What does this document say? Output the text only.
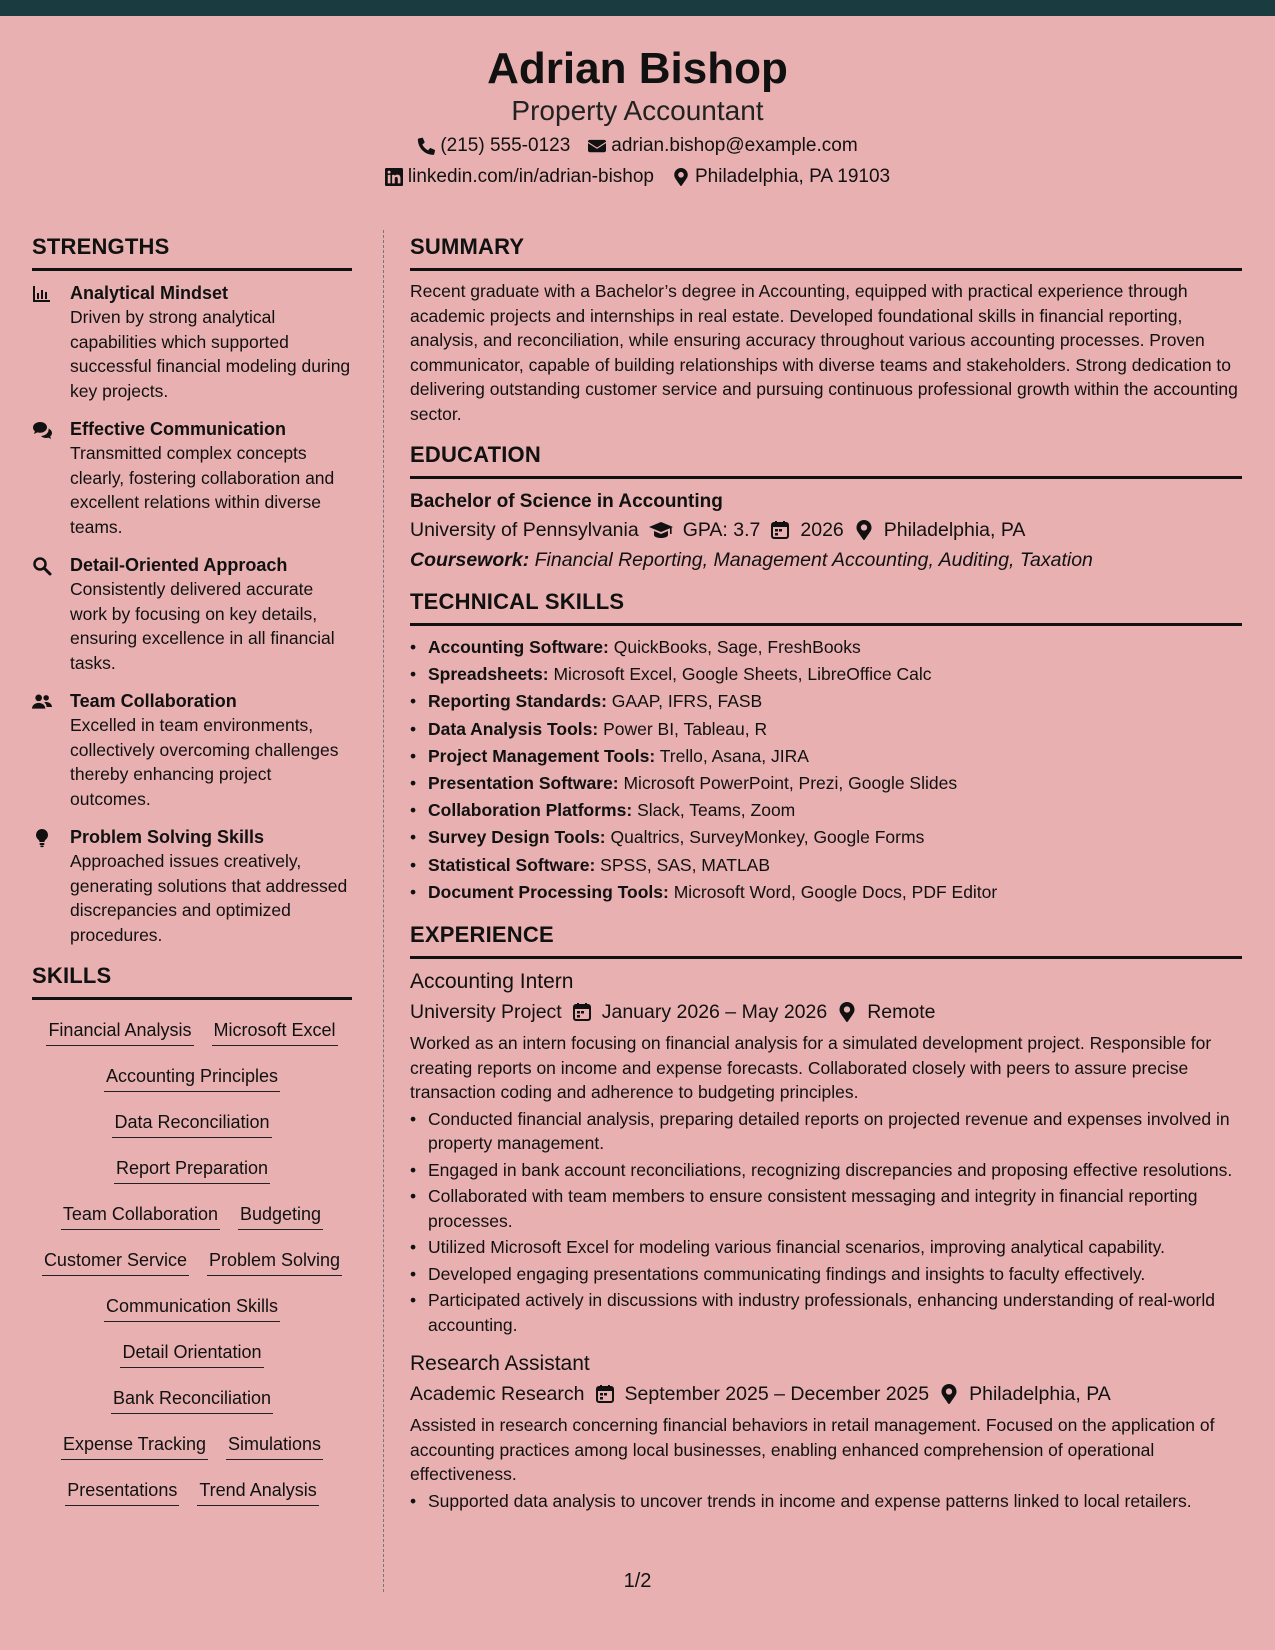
Adrian Bishop
Property Accountant
(215) 555-0123 adrian.bishop@example.com
linkedin.com/in/adrian-bishop Philadelphia, PA 19103
STRENGTHS
Analytical Mindset
Driven by strong analytical capabilities which supported successful financial modeling during key projects.
Effective Communication
Transmitted complex concepts clearly, fostering collaboration and excellent relations within diverse teams.
Detail-Oriented Approach
Consistently delivered accurate work by focusing on key details, ensuring excellence in all financial tasks.
Team Collaboration
Excelled in team environments, collectively overcoming challenges thereby enhancing project outcomes.
Problem Solving Skills
Approached issues creatively, generating solutions that addressed discrepancies and optimized procedures.
SKILLS
Financial Analysis Microsoft Excel
Accounting Principles
Data Reconciliation
Report Preparation
Team Collaboration Budgeting
Customer Service Problem Solving
Communication Skills
Detail Orientation
Bank Reconciliation
Expense Tracking Simulations
Presentations Trend Analysis
SUMMARY
Recent graduate with a Bachelor’s degree in Accounting, equipped with practical experience through academic projects and internships in real estate. Developed foundational skills in financial reporting, analysis, and reconciliation, while ensuring accuracy throughout various accounting processes. Proven communicator, capable of building relationships with diverse teams and stakeholders. Strong dedication to delivering outstanding customer service and pursuing continuous professional growth within the accounting sector.
EDUCATION
Bachelor of Science in Accounting
University of Pennsylvania GPA: 3.7 2026 Philadelphia, PA
Coursework: Financial Reporting, Management Accounting, Auditing, Taxation
TECHNICAL SKILLS
• Accounting Software: QuickBooks, Sage, FreshBooks
• Spreadsheets: Microsoft Excel, Google Sheets, LibreOffice Calc
• Reporting Standards: GAAP, IFRS, FASB
• Data Analysis Tools: Power BI, Tableau, R
• Project Management Tools: Trello, Asana, JIRA
• Presentation Software: Microsoft PowerPoint, Prezi, Google Slides
• Collaboration Platforms: Slack, Teams, Zoom
• Survey Design Tools: Qualtrics, SurveyMonkey, Google Forms
• Statistical Software: SPSS, SAS, MATLAB
• Document Processing Tools: Microsoft Word, Google Docs, PDF Editor
EXPERIENCE
Accounting Intern
University Project January 2026 – May 2026 Remote
Worked as an intern focusing on financial analysis for a simulated development project. Responsible for creating reports on income and expense forecasts. Collaborated closely with peers to assure precise transaction coding and adherence to budgeting principles.
• Conducted financial analysis, preparing detailed reports on projected revenue and expenses involved in property management.
• Engaged in bank account reconciliations, recognizing discrepancies and proposing effective resolutions.
• Collaborated with team members to ensure consistent messaging and integrity in financial reporting processes.
• Utilized Microsoft Excel for modeling various financial scenarios, improving analytical capability.
• Developed engaging presentations communicating findings and insights to faculty effectively.
• Participated actively in discussions with industry professionals, enhancing understanding of real-world accounting.
Research Assistant
Academic Research September 2025 – December 2025 Philadelphia, PA
Assisted in research concerning financial behaviors in retail management. Focused on the application of accounting practices among local businesses, enabling enhanced comprehension of operational effectiveness.
• Supported data analysis to uncover trends in income and expense patterns linked to local retailers.
1/2
